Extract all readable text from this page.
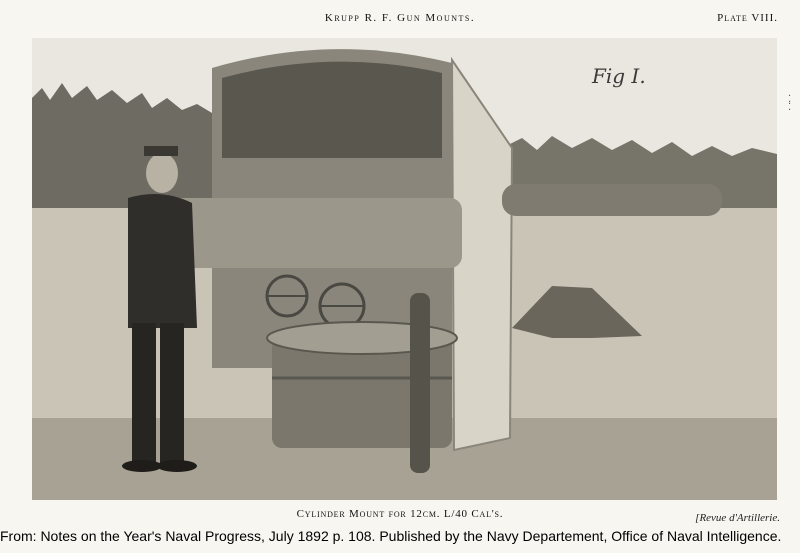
Krupp R. F. Gun Mounts.	Plate VIII.
Fig I.
Cylinder Mount for 12cm. L/40 Cal's.	[Revue d'Artillerie.
From: Notes on the Year's Naval Progress, July 1892 p. 108. Published by the Navy Departement, Office of Naval Intelligence.
⁚
⁚
